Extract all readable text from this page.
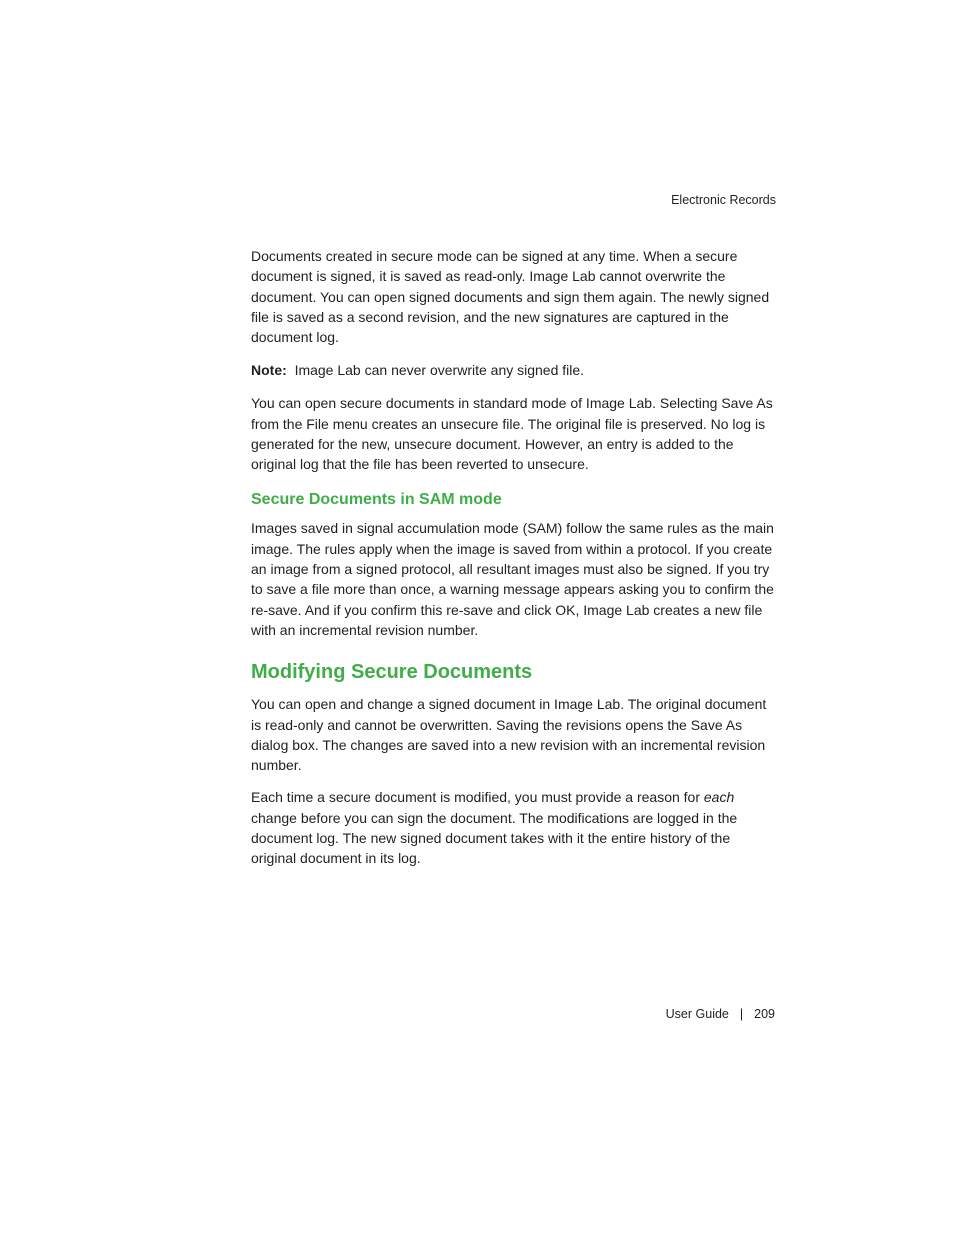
Electronic Records

Documents created in secure mode can be signed at any time. When a secure document is signed, it is saved as read-only. Image Lab cannot overwrite the document. You can open signed documents and sign them again. The newly signed file is saved as a second revision, and the new signatures are captured in the document log.

Note: Image Lab can never overwrite any signed file.

You can open secure documents in standard mode of Image Lab. Selecting Save As from the File menu creates an unsecure file. The original file is preserved. No log is generated for the new, unsecure document. However, an entry is added to the original log that the file has been reverted to unsecure.

Secure Documents in SAM mode

Images saved in signal accumulation mode (SAM) follow the same rules as the main image. The rules apply when the image is saved from within a protocol. If you create an image from a signed protocol, all resultant images must also be signed. If you try to save a file more than once, a warning message appears asking you to confirm the re-save. And if you confirm this re-save and click OK, Image Lab creates a new file with an incremental revision number.

Modifying Secure Documents

You can open and change a signed document in Image Lab. The original document is read-only and cannot be overwritten. Saving the revisions opens the Save As dialog box. The changes are saved into a new revision with an incremental revision number.

Each time a secure document is modified, you must provide a reason for each change before you can sign the document. The modifications are logged in the document log. The new signed document takes with it the entire history of the original document in its log.

User Guide | 209
